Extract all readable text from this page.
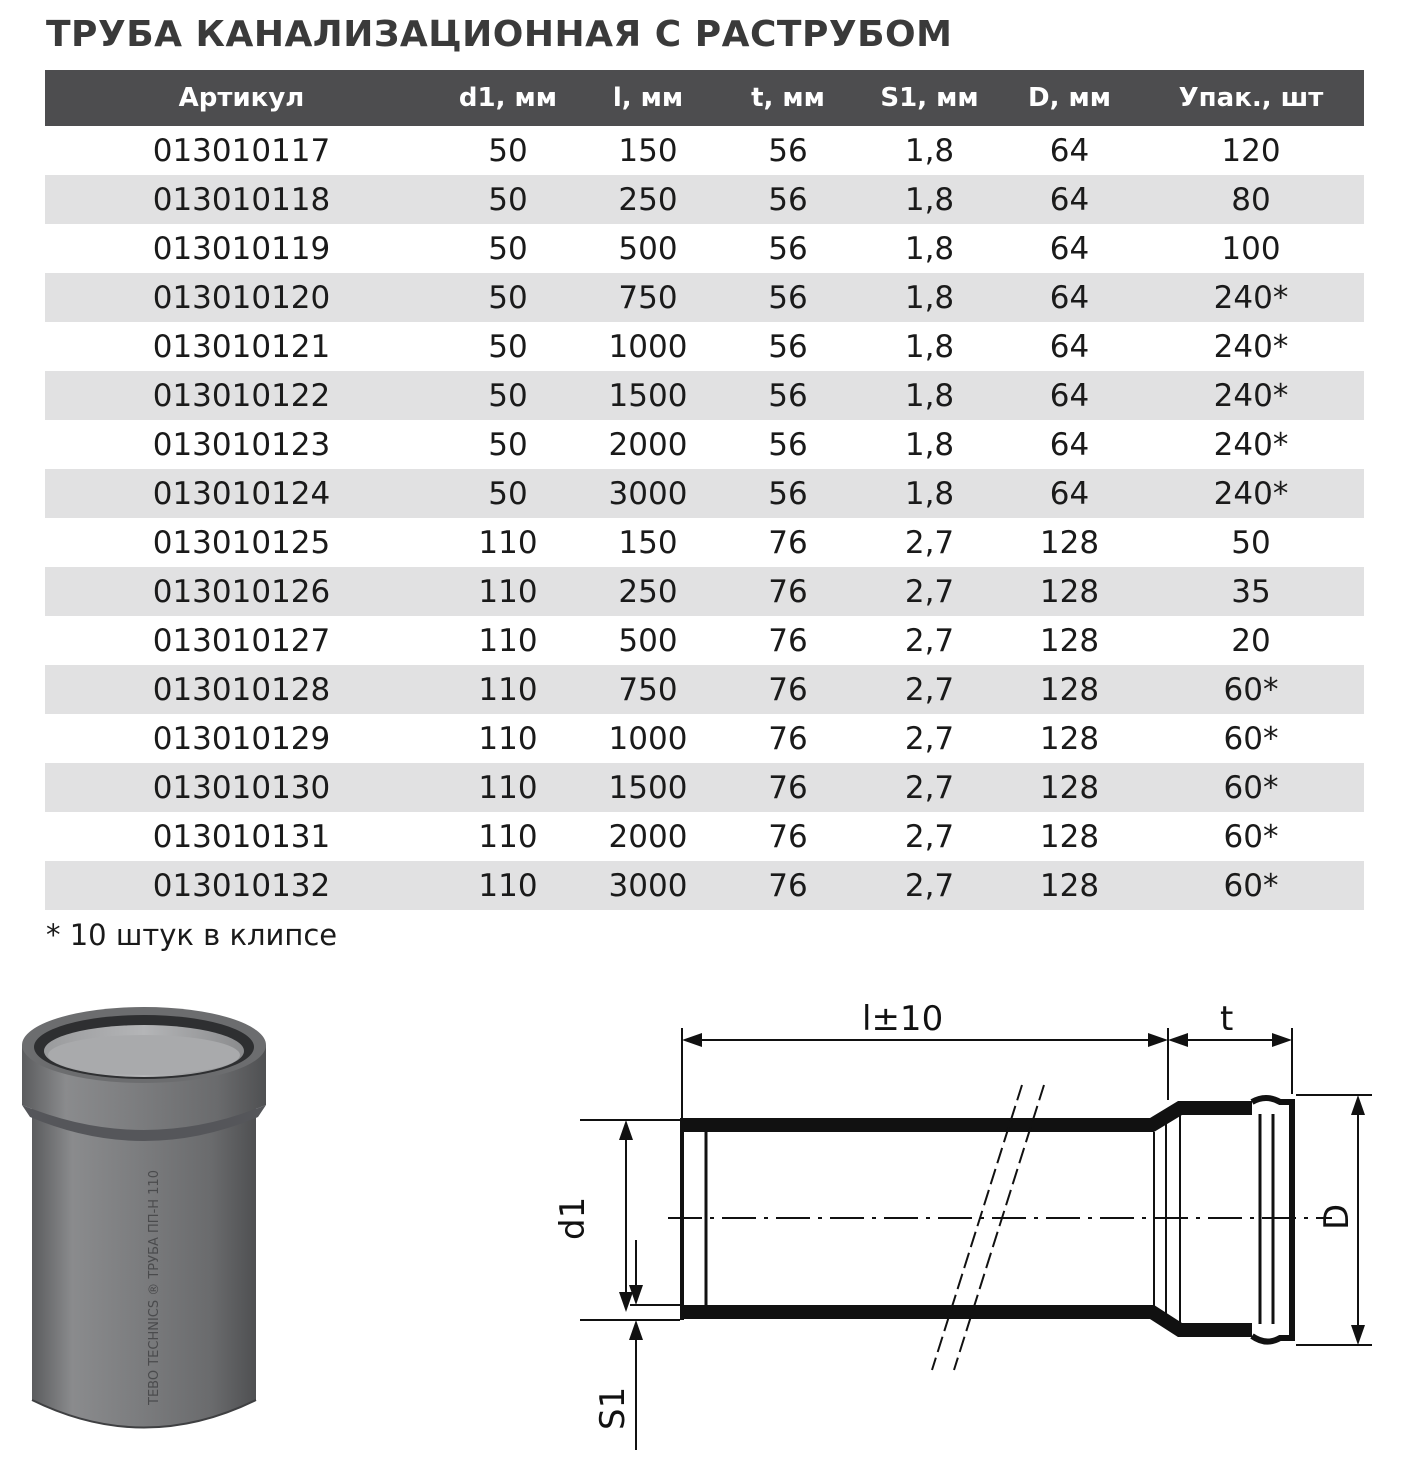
ТРУБА КАНАЛИЗАЦИОННАЯ С РАСТРУБОМ
Артикул	d1, мм	l, мм	t, мм	S1, мм	D, мм	Упак., шт
013010117	50	150	56	1,8	64	120
013010118	50	250	56	1,8	64	80
013010119	50	500	56	1,8	64	100
013010120	50	750	56	1,8	64	240*
013010121	50	1000	56	1,8	64	240*
013010122	50	1500	56	1,8	64	240*
013010123	50	2000	56	1,8	64	240*
013010124	50	3000	56	1,8	64	240*
013010125	110	150	76	2,7	128	50
013010126	110	250	76	2,7	128	35
013010127	110	500	76	2,7	128	20
013010128	110	750	76	2,7	128	60*
013010129	110	1000	76	2,7	128	60*
013010130	110	1500	76	2,7	128	60*
013010131	110	2000	76	2,7	128	60*
013010132	110	3000	76	2,7	128	60*
* 10 штук в клипсе
TEBO TECHNICS ® ТРУБА ПП-Н 110
l±10	t
d1	D
S1
